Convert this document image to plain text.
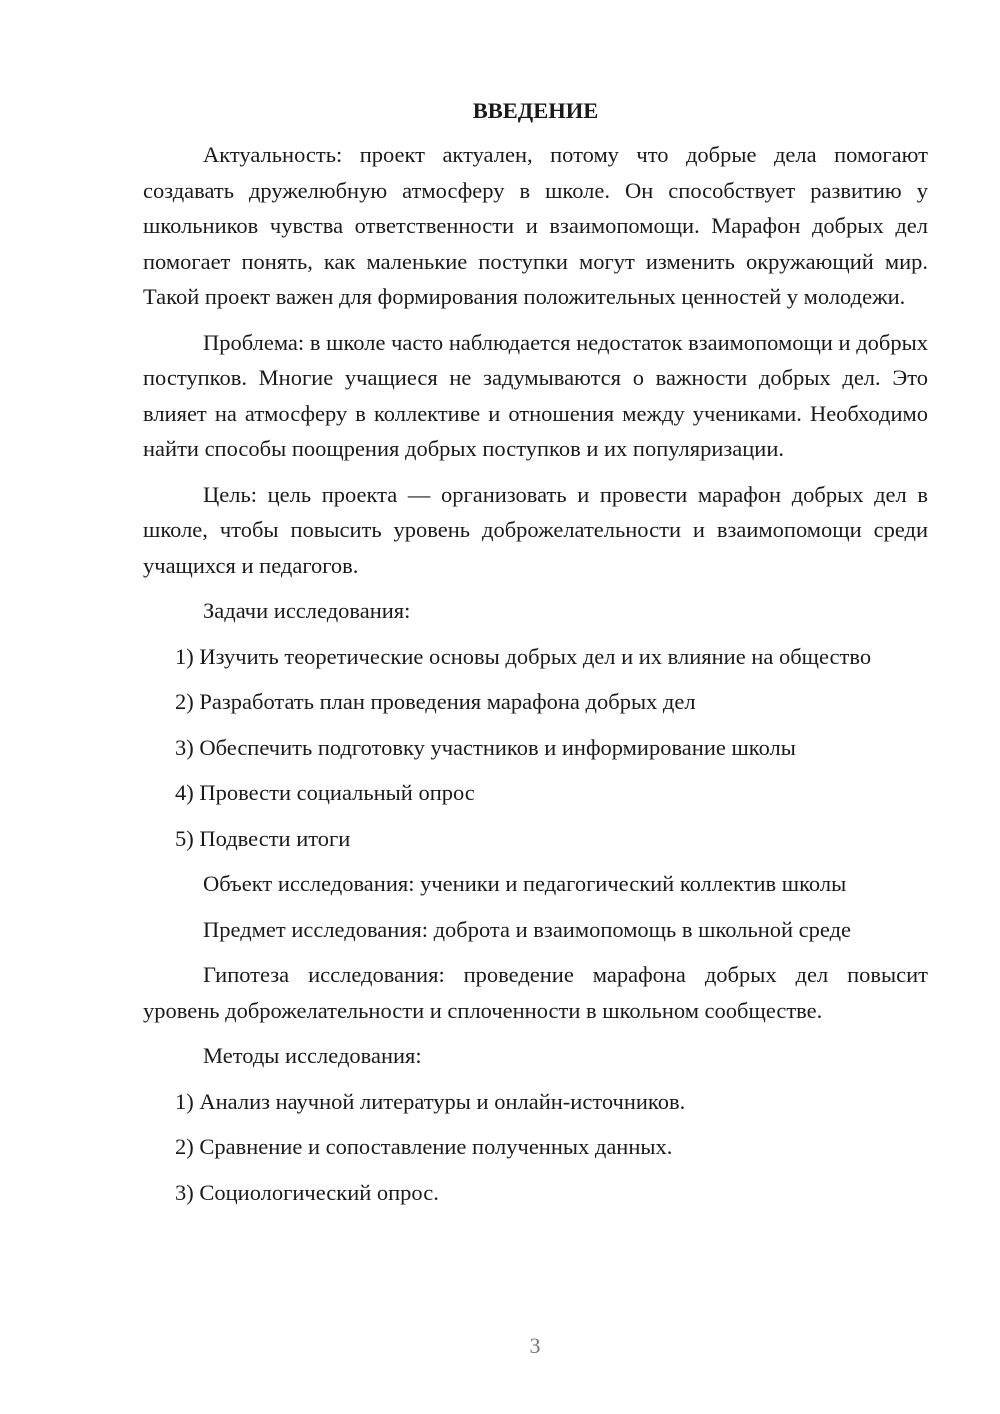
ВВЕДЕНИЕ

Актуальность: проект актуален, потому что добрые дела помогают создавать дружелюбную атмосферу в школе. Он способствует развитию у школьников чувства ответственности и взаимопомощи. Марафон добрых дел помогает понять, как маленькие поступки могут изменить окружающий мир. Такой проект важен для формирования положительных ценностей у молодежи.

Проблема: в школе часто наблюдается недостаток взаимопомощи и добрых поступков. Многие учащиеся не задумываются о важности добрых дел. Это влияет на атмосферу в коллективе и отношения между учениками. Необходимо найти способы поощрения добрых поступков и их популяризации.

Цель: цель проекта — организовать и провести марафон добрых дел в школе, чтобы повысить уровень доброжелательности и взаимопомощи среди учащихся и педагогов.

Задачи исследования:
1) Изучить теоретические основы добрых дел и их влияние на общество
2) Разработать план проведения марафона добрых дел
3) Обеспечить подготовку участников и информирование школы
4) Провести социальный опрос
5) Подвести итоги
Объект исследования: ученики и педагогический коллектив школы
Предмет исследования: доброта и взаимопомощь в школьной среде

Гипотеза исследования: проведение марафона добрых дел повысит уровень доброжелательности и сплоченности в школьном сообществе.

Методы исследования:
1) Анализ научной литературы и онлайн-источников.
2) Сравнение и сопоставление полученных данных.
3) Социологический опрос.
3
